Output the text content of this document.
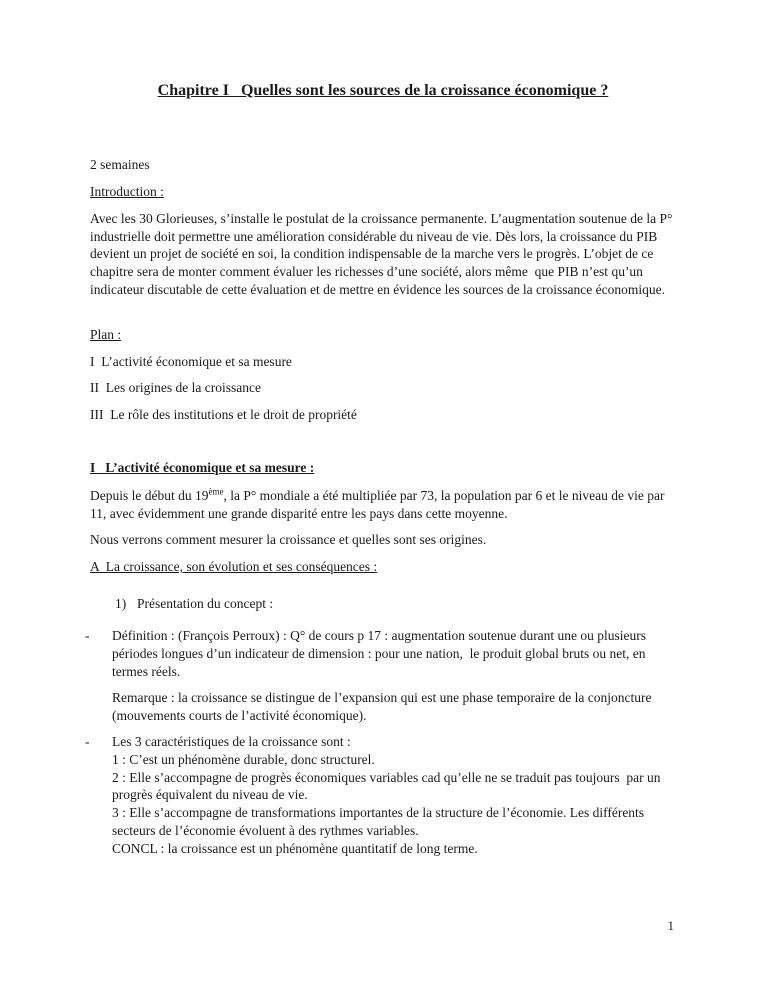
Chapitre I   Quelles sont les sources de la croissance économique ?

2 semaines

Introduction :

Avec les 30 Glorieuses, s’installe le postulat de la croissance permanente. L’augmentation soutenue de la P° industrielle doit permettre une amélioration considérable du niveau de vie. Dès lors, la croissance du PIB devient un projet de société en soi, la condition indispensable de la marche vers le progrès. L’objet de ce chapitre sera de monter comment évaluer les richesses d’une société, alors même  que PIB n’est qu’un indicateur discutable de cette évaluation et de mettre en évidence les sources de la croissance économique.

Plan :

I  L’activité économique et sa mesure

II  Les origines de la croissance

III  Le rôle des institutions et le droit de propriété

I   L’activité économique et sa mesure :

Depuis le début du 19ème, la P° mondiale a été multipliée par 73, la population par 6 et le niveau de vie par 11, avec évidemment une grande disparité entre les pays dans cette moyenne.

Nous verrons comment mesurer la croissance et quelles sont ses origines.

A  La croissance, son évolution et ses conséquences :

1) Présentation du concept :
-	Définition : (François Perroux) : Q° de cours p 17 : augmentation soutenue durant une ou plusieurs périodes longues d’un indicateur de dimension : pour une nation,  le produit global bruts ou net, en termes réels.

Remarque : la croissance se distingue de l’expansion qui est une phase temporaire de la conjoncture (mouvements courts de l’activité économique).

-	Les 3 caractéristiques de la croissance sont :
1 : C’est un phénomène durable, donc structurel.
2 : Elle s’accompagne de progrès économiques variables cad qu’elle ne se traduit pas toujours  par un progrès équivalent du niveau de vie.
3 : Elle s’accompagne de transformations importantes de la structure de l’économie. Les différents secteurs de l’économie évoluent à des rythmes variables.
CONCL : la croissance est un phénomène quantitatif de long terme.
1
